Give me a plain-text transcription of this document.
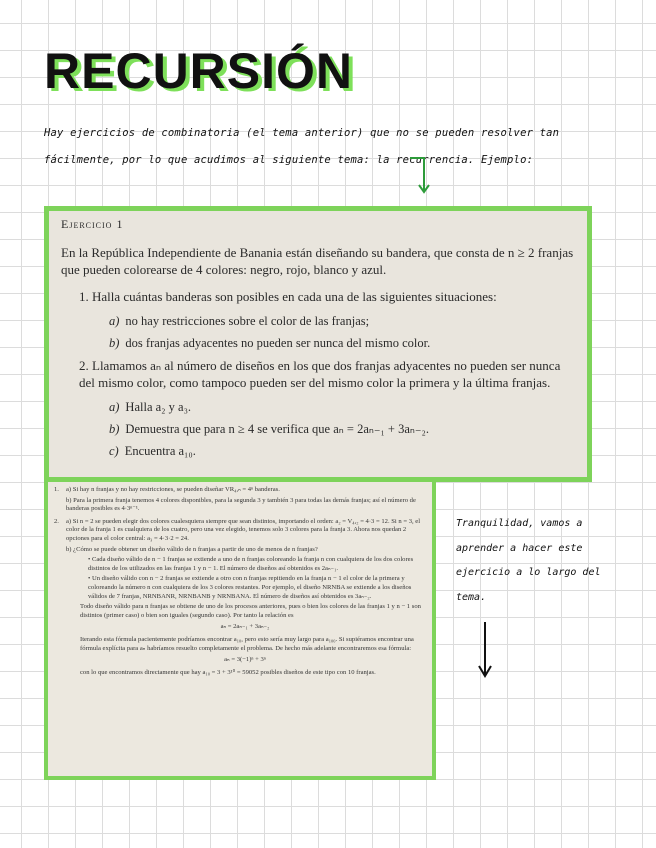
RECURSIÓN
Hay ejercicios de combinatoria (el tema anterior) que no se pueden resolver tan fácilmente, por lo que acudimos al siguiente tema: la recurrencia. Ejemplo:

Ejercicio 1

En la República Independiente de Banania están diseñando su bandera, que consta de n ≥ 2 franjas que pueden colorearse de 4 colores: negro, rojo, blanco y azul.

1. Halla cuántas banderas son posibles en cada una de las siguientes situaciones:

a) no hay restricciones sobre el color de las franjas;

b) dos franjas adyacentes no pueden ser nunca del mismo color.

2. Llamamos aₙ al número de diseños en los que dos franjas adyacentes no pueden ser nunca del mismo color, como tampoco pueden ser del mismo color la primera y la última franjas.

a) Halla a₂ y a₃.

b) Demuestra que para n ≥ 4 se verifica que aₙ = 2aₙ₋₁ + 3aₙ₋₂.

c) Encuentra a₁₀.

1. a) Si hay n franjas y no hay restricciones, se pueden diseñar VR₄,ₙ = 4ⁿ banderas.

b) Para la primera franja tenemos 4 colores disponibles, para la segunda 3 y también 3 para todas las demás franjas; así el número de banderas posibles es 4·3ⁿ⁻¹.

2. a) Si n = 2 se pueden elegir dos colores cualesquiera siempre que sean distintos, importando el orden: a₂ = V₄,₂ = 4·3 = 12. Si n = 3, el color de la franja 1 es cualquiera de los cuatro, pero una vez elegido, tenemos solo 3 colores para la franja 3. Ahora nos quedan 2 opciones para el color central: a₃ = 4·3·2 = 24.

b) ¿Cómo se puede obtener un diseño válido de n franjas a partir de uno de menos de n franjas?

• Cada diseño válido de n − 1 franjas se extiende a uno de n franjas coloreando la franja n con cualquiera de los dos colores distintos de los utilizados en las franjas 1 y n − 1. El número de diseños así obtenidos es 2aₙ₋₁.

• Un diseño válido con n − 2 franjas se extiende a otro con n franjas repitiendo en la franja n − 1 el color de la primera y coloreando la número n con cualquiera de los 3 colores restantes. Por ejemplo, el diseño NRNBA se extiende a los diseños válidos de 7 franjas, NRNBANR, NRNBANB y NRNBANA. El número de diseños así obtenidos es 3aₙ₋₂.

Todo diseño válido para n franjas se obtiene de uno de los procesos anteriores, pues o bien los colores de las franjas 1 y n − 1 son distintos (primer caso) o bien son iguales (segundo caso). Por tanto la relación es

aₙ = 2aₙ₋₁ + 3aₙ₋₂

Iterando esta fórmula pacientemente podríamos encontrar a₁₀, pero esto sería muy largo para a₁₀₀. Si supiéramos encontrar una fórmula explícita para aₙ habríamos resuelto completamente el problema. De hecho más adelante encontraremos esa fórmula:

aₙ = 3(−1)ⁿ + 3ⁿ

con lo que encontramos directamente que hay a₁₀ = 3 + 3¹⁰ = 59052 posibles diseños de este tipo con 10 franjas.

Tranquilidad, vamos a aprender a hacer este ejercicio a lo largo del tema.
